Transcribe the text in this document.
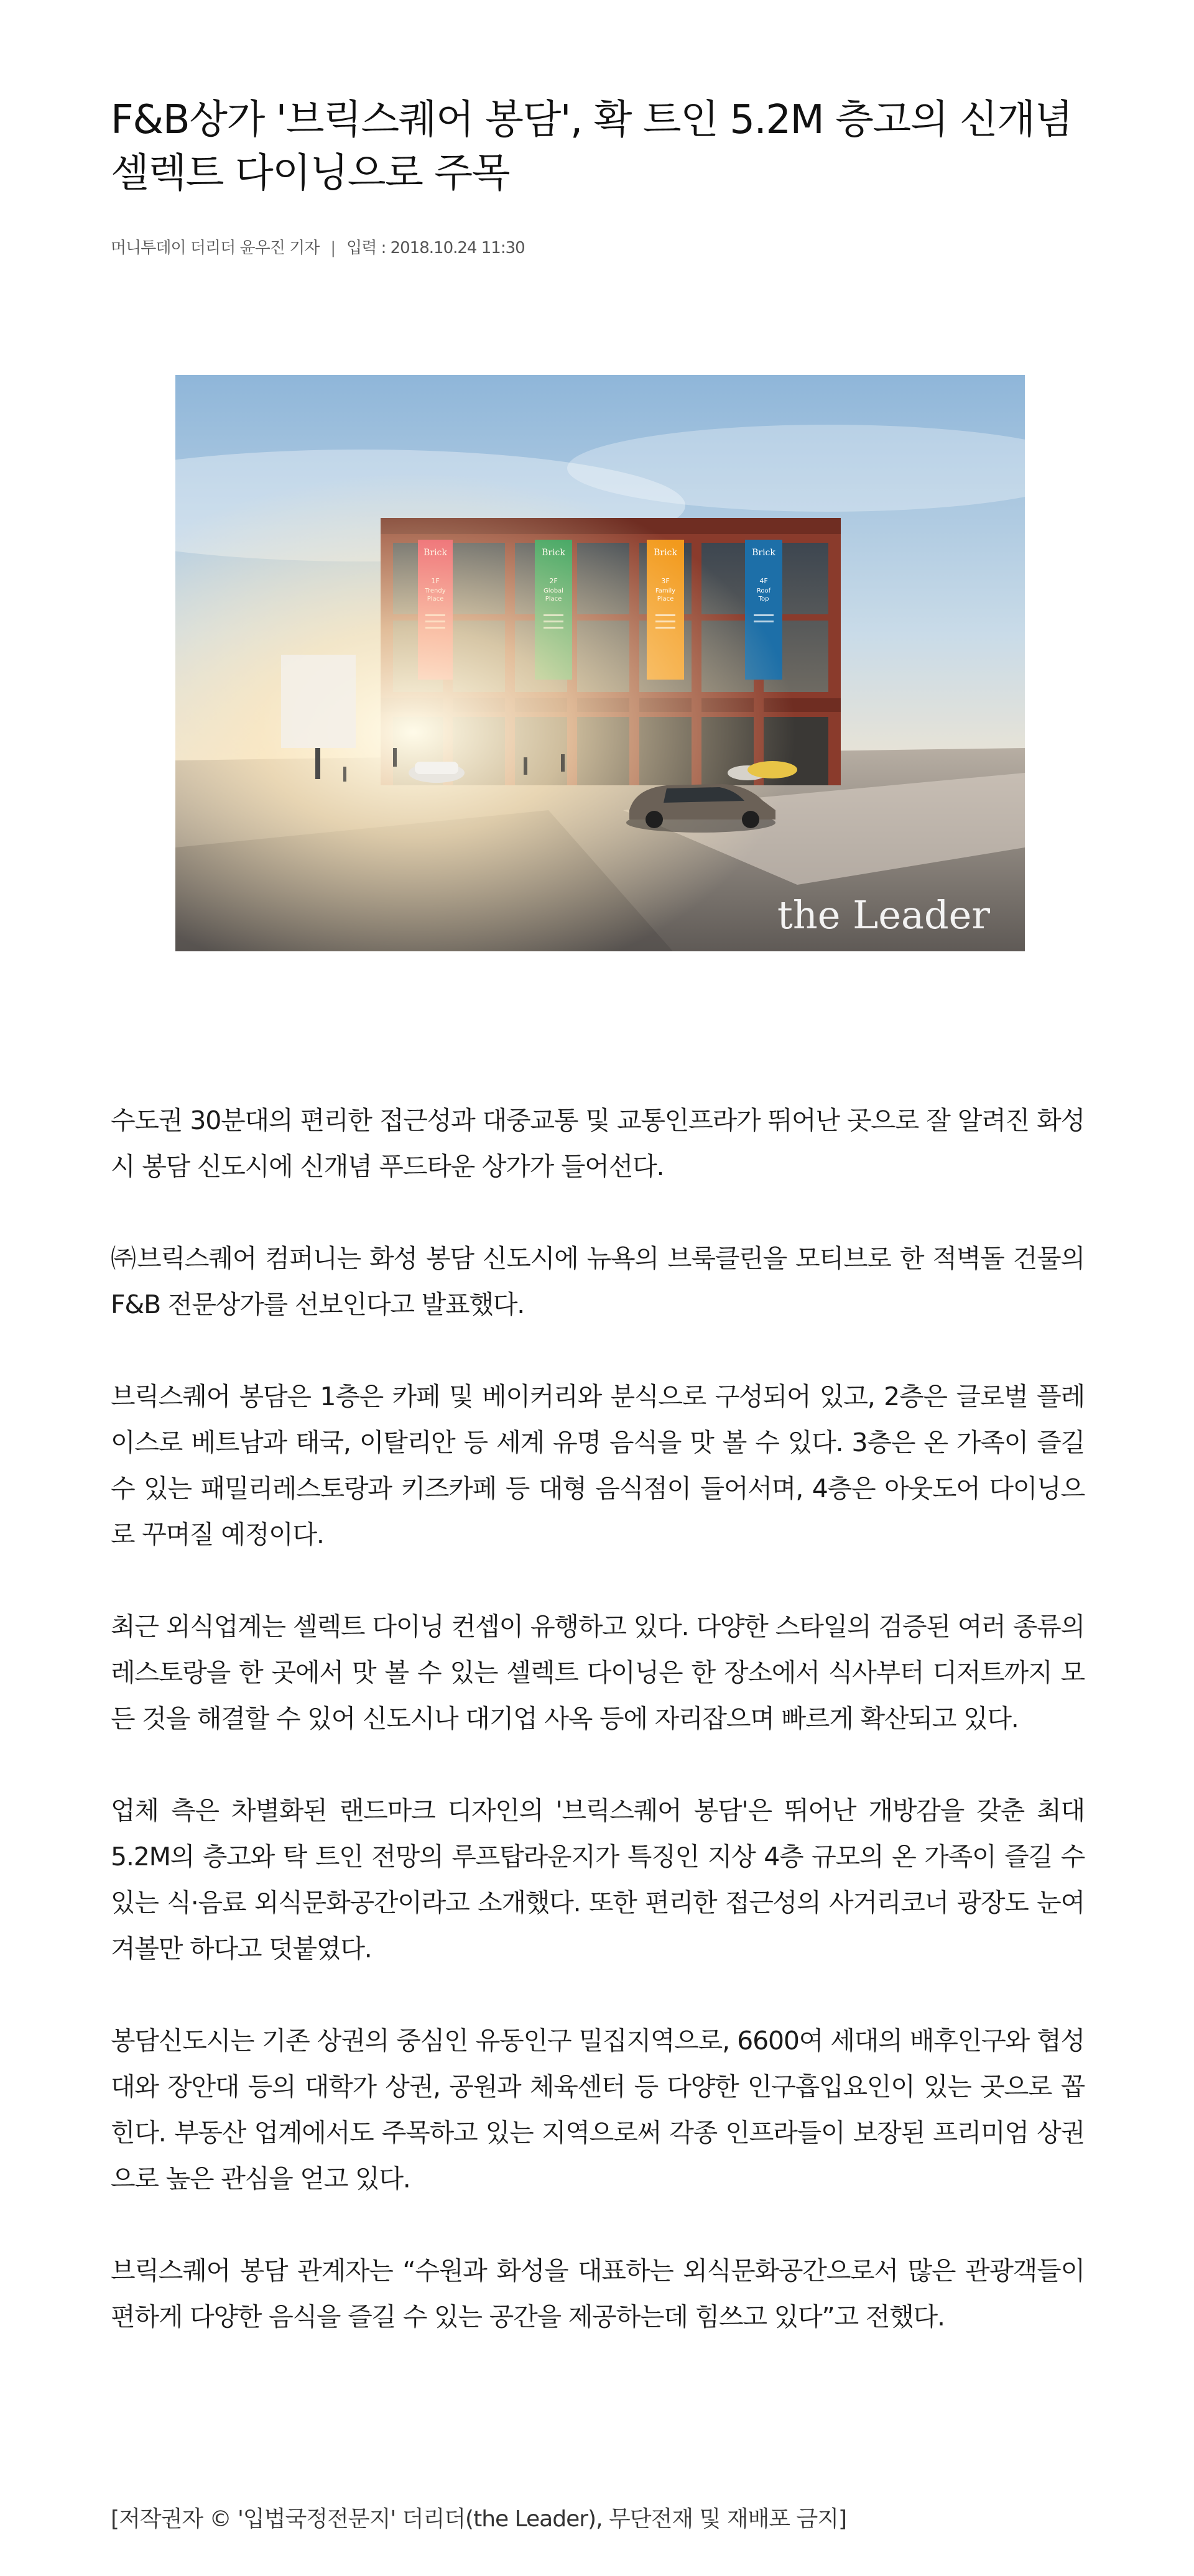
F&B상가 '브릭스퀘어 봉담', 확 트인 5.2M 층고의 신개념 셀렉트 다이닝으로 주목
머니투데이 더리더 윤우진 기자 | 입력 : 2018.10.24 11:30
the Leader

수도권 30분대의 편리한 접근성과 대중교통 및 교통인프라가 뛰어난 곳으로 잘 알려진 화성시 봉담 신도시에 신개념 푸드타운 상가가 들어선다.

㈜브릭스퀘어 컴퍼니는 화성 봉담 신도시에 뉴욕의 브룩클린을 모티브로 한 적벽돌 건물의 F&B 전문상가를 선보인다고 발표했다.

브릭스퀘어 봉담은 1층은 카페 및 베이커리와 분식으로 구성되어 있고, 2층은 글로벌 플레이스로 베트남과 태국, 이탈리안 등 세계 유명 음식을 맛 볼 수 있다. 3층은 온 가족이 즐길 수 있는 패밀리레스토랑과 키즈카페 등 대형 음식점이 들어서며, 4층은 아웃도어 다이닝으로 꾸며질 예정이다.

최근 외식업계는 셀렉트 다이닝 컨셉이 유행하고 있다. 다양한 스타일의 검증된 여러 종류의 레스토랑을 한 곳에서 맛 볼 수 있는 셀렉트 다이닝은 한 장소에서 식사부터 디저트까지 모든 것을 해결할 수 있어 신도시나 대기업 사옥 등에 자리잡으며 빠르게 확산되고 있다.

업체 측은 차별화된 랜드마크 디자인의 '브릭스퀘어 봉담'은 뛰어난 개방감을 갖춘 최대 5.2M의 층고와 탁 트인 전망의 루프탑라운지가 특징인 지상 4층 규모의 온 가족이 즐길 수 있는 식·음료 외식문화공간이라고 소개했다. 또한 편리한 접근성의 사거리코너 광장도 눈여겨볼만 하다고 덧붙였다.

봉담신도시는 기존 상권의 중심인 유동인구 밀집지역으로, 6600여 세대의 배후인구와 협성대와 장안대 등의 대학가 상권, 공원과 체육센터 등 다양한 인구흡입요인이 있는 곳으로 꼽힌다. 부동산 업계에서도 주목하고 있는 지역으로써 각종 인프라들이 보장된 프리미엄 상권으로 높은 관심을 얻고 있다.

브릭스퀘어 봉담 관계자는 “수원과 화성을 대표하는 외식문화공간으로서 많은 관광객들이 편하게 다양한 음식을 즐길 수 있는 공간을 제공하는데 힘쓰고 있다”고 전했다.

[저작권자 © '입법국정전문지' 더리더(the Leader), 무단전재 및 재배포 금지]
